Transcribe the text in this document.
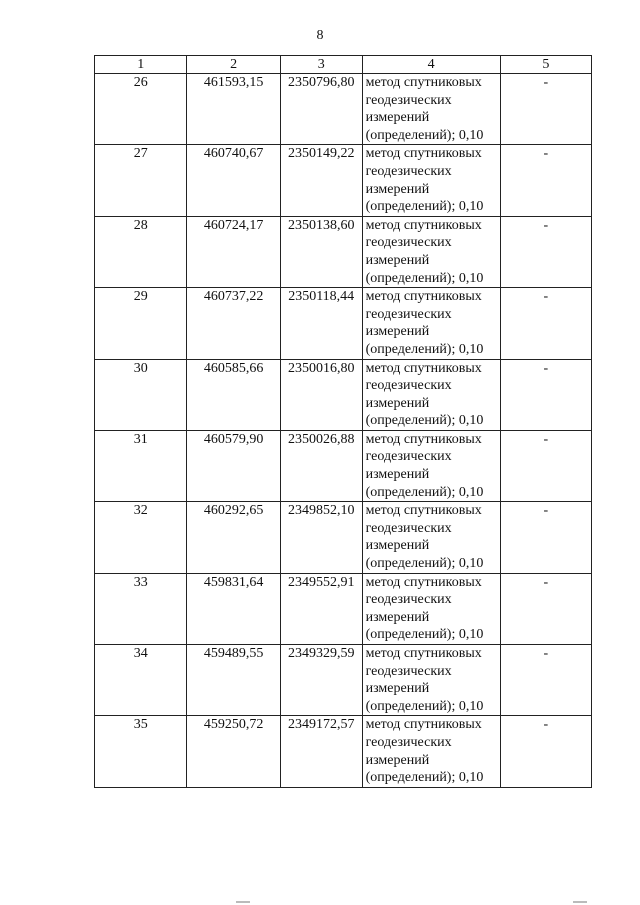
8
1	2	3	4	5
26	461593,15	2350796,80	метод спутниковых
геодезических
измерений
(определений); 0,10	-
27	460740,67	2350149,22	метод спутниковых
геодезических
измерений
(определений); 0,10	-
28	460724,17	2350138,60	метод спутниковых
геодезических
измерений
(определений); 0,10	-
29	460737,22	2350118,44	метод спутниковых
геодезических
измерений
(определений); 0,10	-
30	460585,66	2350016,80	метод спутниковых
геодезических
измерений
(определений); 0,10	-
31	460579,90	2350026,88	метод спутниковых
геодезических
измерений
(определений); 0,10	-
32	460292,65	2349852,10	метод спутниковых
геодезических
измерений
(определений); 0,10	-
33	459831,64	2349552,91	метод спутниковых
геодезических
измерений
(определений); 0,10	-
34	459489,55	2349329,59	метод спутниковых
геодезических
измерений
(определений); 0,10	-
35	459250,72	2349172,57	метод спутниковых
геодезических
измерений
(определений); 0,10	-
